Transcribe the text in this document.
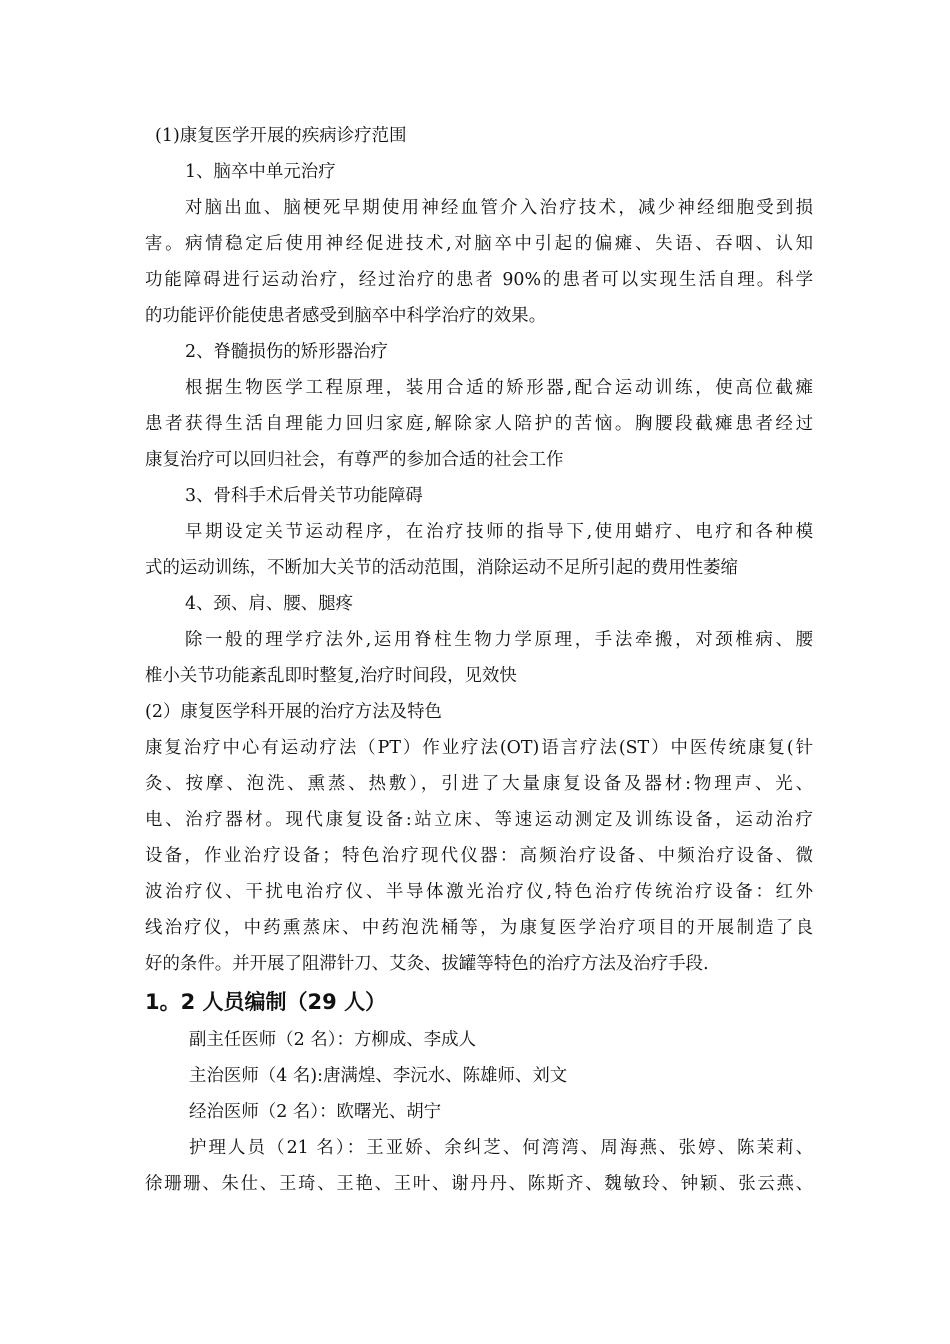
(1)康复医学开展的疾病诊疗范围
1、脑卒中单元治疗
对脑出血、脑梗死早期使用神经血管介入治疗技术，减少神经细胞受到损
害。病情稳定后使用神经促进技术,对脑卒中引起的偏瘫、失语、吞咽、认知
功能障碍进行运动治疗，经过治疗的患者 90%的患者可以实现生活自理。科学
的功能评价能使患者感受到脑卒中科学治疗的效果。
2、脊髓损伤的矫形器治疗
根据生物医学工程原理，装用合适的矫形器,配合运动训练，使高位截瘫
患者获得生活自理能力回归家庭,解除家人陪护的苦恼。胸腰段截瘫患者经过
康复治疗可以回归社会，有尊严的参加合适的社会工作
3、骨科手术后骨关节功能障碍
早期设定关节运动程序，在治疗技师的指导下,使用蜡疗、电疗和各种模
式的运动训练，不断加大关节的活动范围，消除运动不足所引起的费用性萎缩
4、颈、肩、腰、腿疼
除一般的理学疗法外,运用脊柱生物力学原理，手法牵搬，对颈椎病、腰
椎小关节功能紊乱即时整复,治疗时间段，见效快
(2）康复医学科开展的治疗方法及特色
康复治疗中心有运动疗法（PT）作业疗法(OT)语言疗法(ST）中医传统康复(针
灸、按摩、泡洗、熏蒸、热敷），引进了大量康复设备及器材:物理声、光、
电、治疗器材。现代康复设备:站立床、等速运动测定及训练设备，运动治疗
设备，作业治疗设备；特色治疗现代仪器：高频治疗设备、中频治疗设备、微
波治疗仪、干扰电治疗仪、半导体激光治疗仪,特色治疗传统治疗设备：红外
线治疗仪，中药熏蒸床、中药泡洗桶等，为康复医学治疗项目的开展制造了良
好的条件。并开展了阻滞针刀、艾灸、拔罐等特色的治疗方法及治疗手段.
1。2 人员编制（29 人）
副主任医师（2 名）：方柳成、李成人
主治医师（4 名):唐满煌、李沅水、陈雄师、刘文
经治医师（2 名）：欧曙光、胡宁
护理人员（21 名）：王亚娇、余纠芝、何湾湾、周海燕、张婷、陈茉莉、
徐珊珊、朱仕、王琦、王艳、王叶、谢丹丹、陈斯齐、魏敏玲、钟颖、张云燕、
